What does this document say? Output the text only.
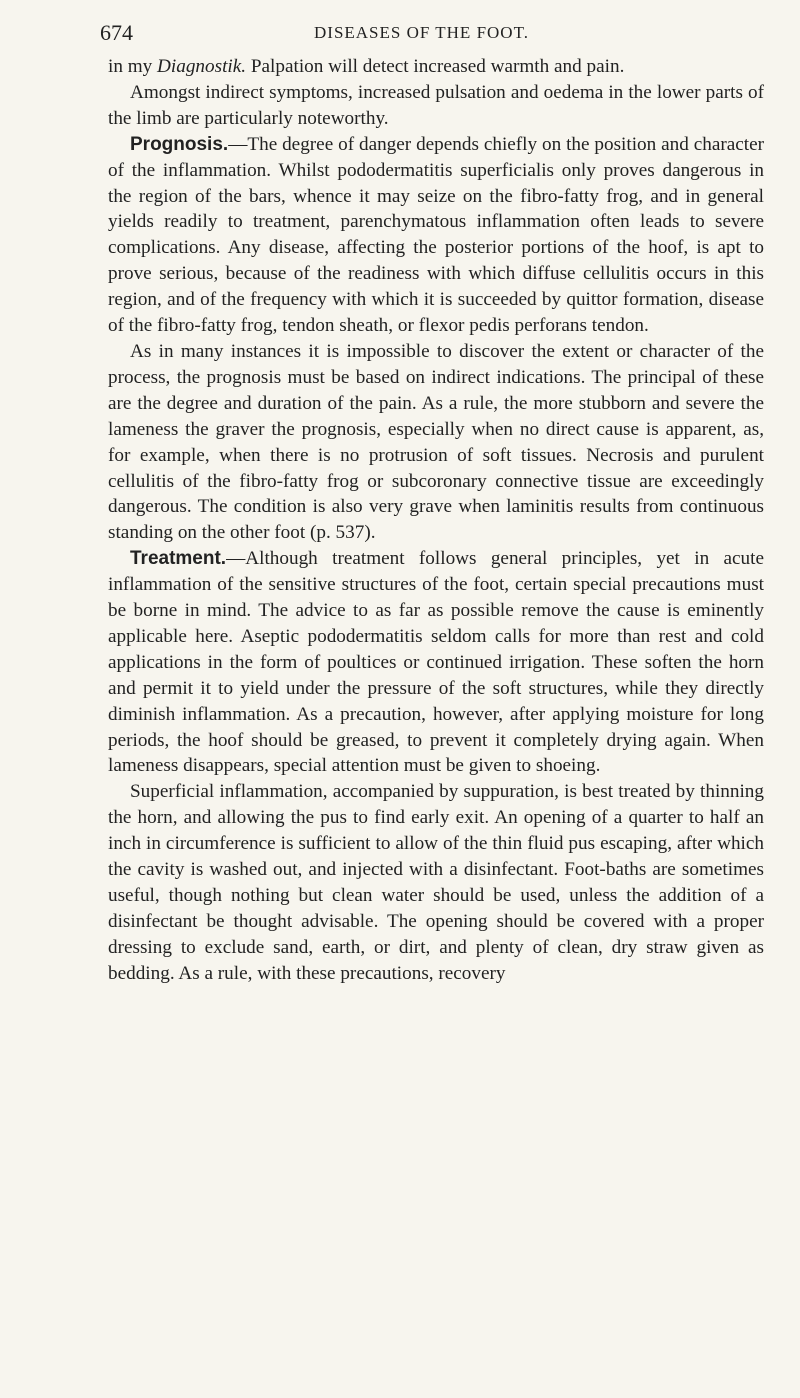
674	DISEASES OF THE FOOT.

in my Diagnostik. Palpation will detect increased warmth and pain.

Amongst indirect symptoms, increased pulsation and oedema in the lower parts of the limb are particularly noteworthy.

Prognosis.—The degree of danger depends chiefly on the position and character of the inflammation. Whilst pododermatitis superficialis only proves dangerous in the region of the bars, whence it may seize on the fibro-fatty frog, and in general yields readily to treatment, parenchymatous inflammation often leads to severe complications. Any disease, affecting the posterior portions of the hoof, is apt to prove serious, because of the readiness with which diffuse cellulitis occurs in this region, and of the frequency with which it is succeeded by quittor formation, disease of the fibro-fatty frog, tendon sheath, or flexor pedis perforans tendon.

As in many instances it is impossible to discover the extent or character of the process, the prognosis must be based on indirect indications. The principal of these are the degree and duration of the pain. As a rule, the more stubborn and severe the lameness the graver the prognosis, especially when no direct cause is apparent, as, for example, when there is no protrusion of soft tissues. Necrosis and purulent cellulitis of the fibro-fatty frog or subcoronary connective tissue are exceedingly dangerous. The condition is also very grave when laminitis results from continuous standing on the other foot (p. 537).

Treatment.—Although treatment follows general principles, yet in acute inflammation of the sensitive structures of the foot, certain special precautions must be borne in mind. The advice to as far as possible remove the cause is eminently applicable here. Aseptic pododermatitis seldom calls for more than rest and cold applications in the form of poultices or continued irrigation. These soften the horn and permit it to yield under the pressure of the soft structures, while they directly diminish inflammation. As a precaution, however, after applying moisture for long periods, the hoof should be greased, to prevent it completely drying again. When lameness disappears, special attention must be given to shoeing.

Superficial inflammation, accompanied by suppuration, is best treated by thinning the horn, and allowing the pus to find early exit. An opening of a quarter to half an inch in circumference is sufficient to allow of the thin fluid pus escaping, after which the cavity is washed out, and injected with a disinfectant. Foot-baths are sometimes useful, though nothing but clean water should be used, unless the addition of a disinfectant be thought advisable. The opening should be covered with a proper dressing to exclude sand, earth, or dirt, and plenty of clean, dry straw given as bedding. As a rule, with these precautions, recovery
